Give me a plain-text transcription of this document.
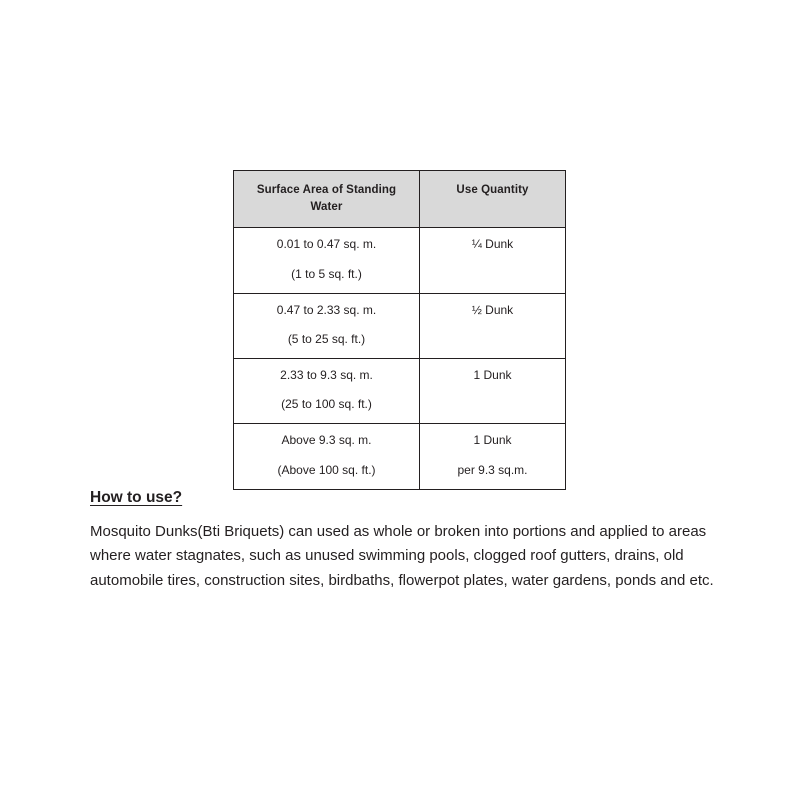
Surface Area of Standing
Water	Use Quantity

0.01 to 0.47 sq. m.
(1 to 5 sq. ft.)	¼ Dunk

0.47 to 2.33 sq. m.
(5 to 25 sq. ft.)	½ Dunk

2.33 to 9.3 sq. m.
(25 to 100 sq. ft.)	1 Dunk

Above 9.3 sq. m.
(Above 100 sq. ft.)	1 Dunk
per 9.3 sq.m.
How to use?
Mosquito Dunks(Bti Briquets) can used as whole or broken into portions and applied to areas where water stagnates, such as unused swimming pools, clogged roof gutters, drains, old automobile tires, construction sites, birdbaths, flowerpot plates, water gardens, ponds and etc.
